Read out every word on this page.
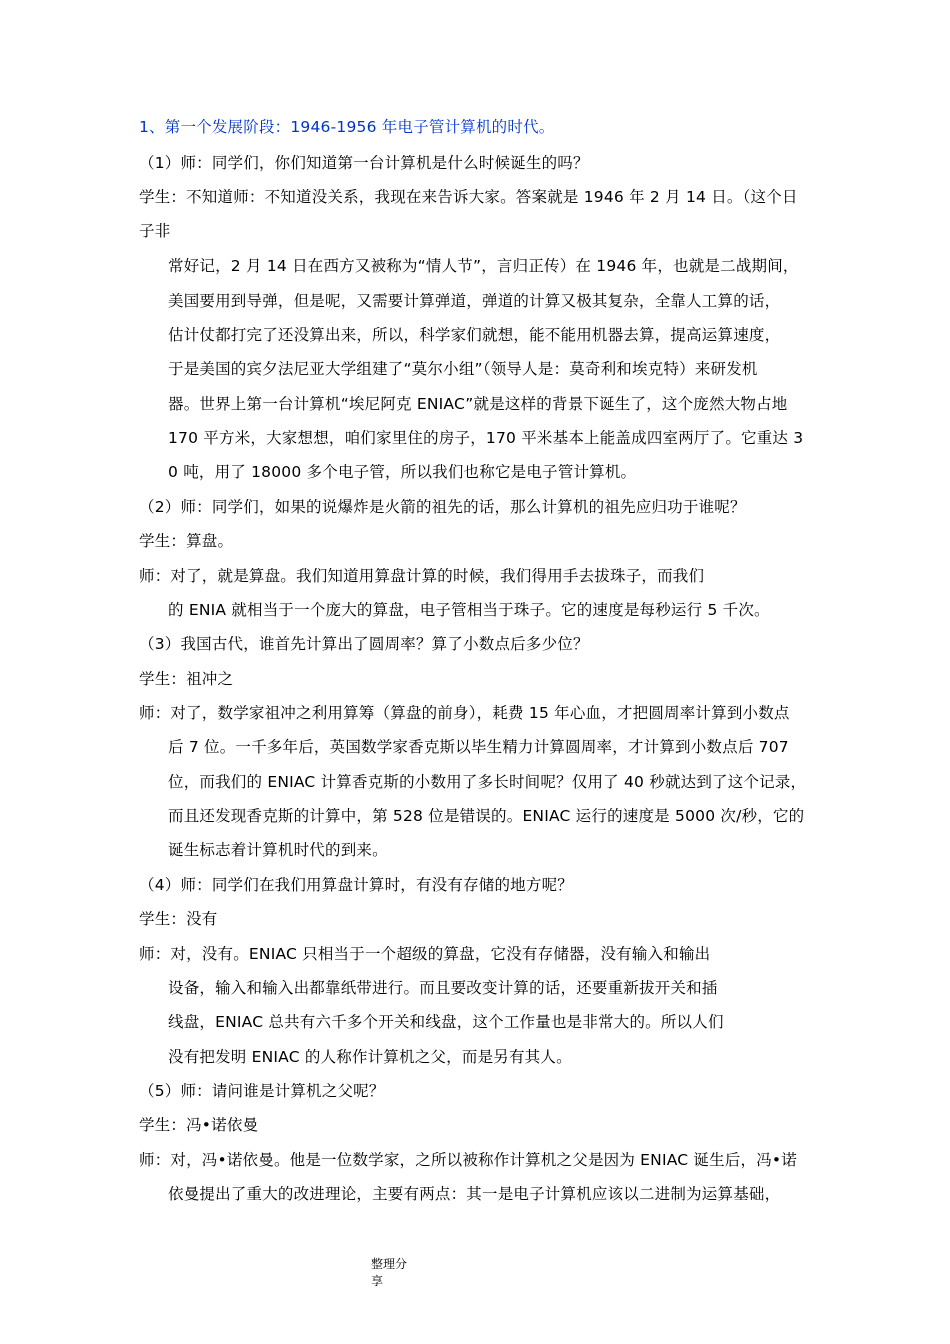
1、第一个发展阶段：1946-1956 年电子管计算机的时代。
（1）师：同学们，你们知道第一台计算机是什么时候诞生的吗？
学生：不知道师：不知道没关系，我现在来告诉大家。答案就是 1946 年 2 月 14 日。（这个日
子非
常好记，2 月 14 日在西方又被称为“情人节”，言归正传）在 1946 年，也就是二战期间，
美国要用到导弹，但是呢，又需要计算弹道，弹道的计算又极其复杂，全靠人工算的话，
估计仗都打完了还没算出来，所以，科学家们就想，能不能用机器去算，提高运算速度，
于是美国的宾夕法尼亚大学组建了“莫尔小组”（领导人是：莫奇利和埃克特）来研发机
器。世界上第一台计算机“埃尼阿克 ENIAC”就是这样的背景下诞生了，这个庞然大物占地
170 平方米，大家想想，咱们家里住的房子，170 平米基本上能盖成四室两厅了。它重达 3
0 吨，用了 18000 多个电子管，所以我们也称它是电子管计算机。
（2）师：同学们，如果的说爆炸是火箭的祖先的话，那么计算机的祖先应归功于谁呢？
学生：算盘。
师：对了，就是算盘。我们知道用算盘计算的时候，我们得用手去拔珠子，而我们
的 ENIA 就相当于一个庞大的算盘，电子管相当于珠子。它的速度是每秒运行 5 千次。
（3）我国古代，谁首先计算出了圆周率？算了小数点后多少位？
学生：祖冲之
师：对了，数学家祖冲之利用算筹（算盘的前身），耗费 15 年心血，才把圆周率计算到小数点
后 7 位。一千多年后，英国数学家香克斯以毕生精力计算圆周率，才计算到小数点后 707
位，而我们的 ENIAC 计算香克斯的小数用了多长时间呢？仅用了 40 秒就达到了这个记录，
而且还发现香克斯的计算中，第 528 位是错误的。ENIAC 运行的速度是 5000 次/秒，它的
诞生标志着计算机时代的到来。
（4）师：同学们在我们用算盘计算时，有没有存储的地方呢？
学生：没有
师：对，没有。ENIAC 只相当于一个超级的算盘，它没有存储器，没有输入和输出
设备，输入和输入出都靠纸带进行。而且要改变计算的话，还要重新拔开关和插
线盘，ENIAC 总共有六千多个开关和线盘，这个工作量也是非常大的。所以人们
没有把发明 ENIAC 的人称作计算机之父，而是另有其人。
（5）师：请问谁是计算机之父呢？
学生：冯•诺依曼
师：对，冯•诺依曼。他是一位数学家，之所以被称作计算机之父是因为 ENIAC 诞生后，冯•诺
依曼提出了重大的改进理论，主要有两点：其一是电子计算机应该以二进制为运算基础，
整理分
享
